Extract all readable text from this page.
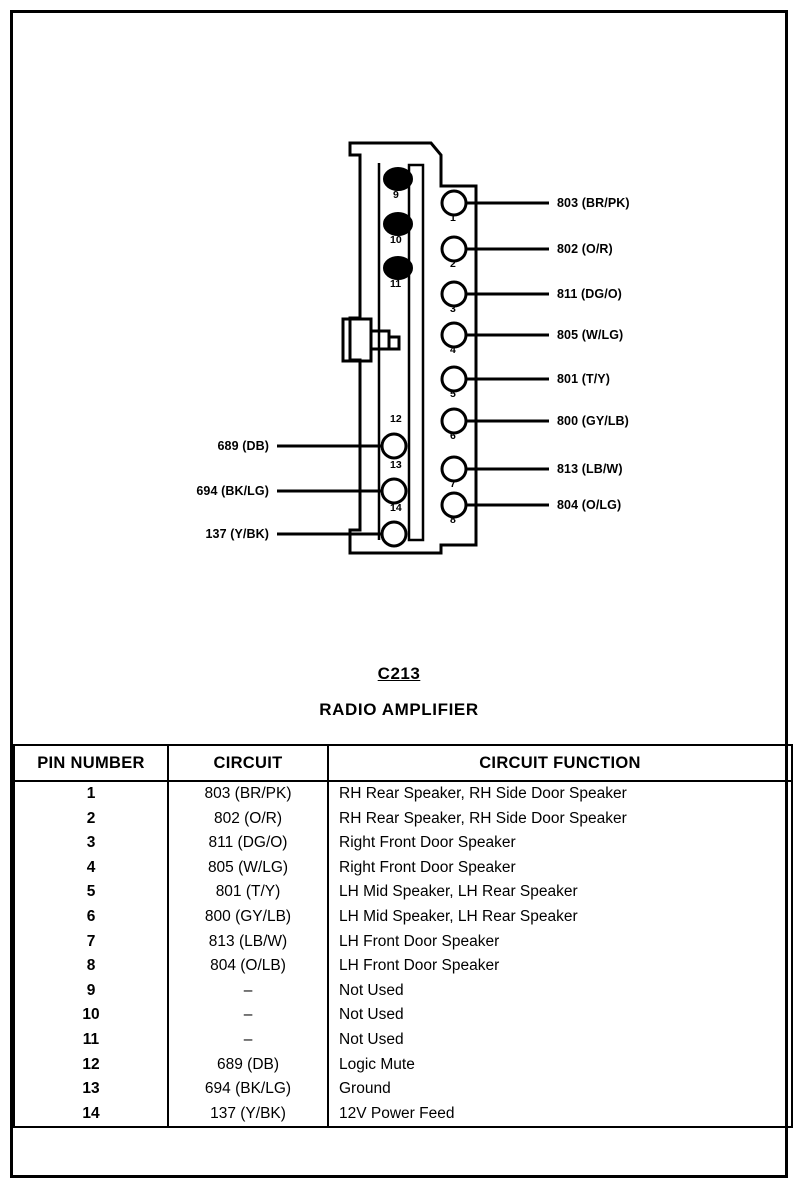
9
10
11
12
13
14
1
2
3
4
5
6
7
8
803 (BR/PK)
802 (O/R)
811 (DG/O)
805 (W/LG)
801 (T/Y)
800 (GY/LB)
813 (LB/W)
804 (O/LG)
689 (DB)
694 (BK/LG)
137 (Y/BK)
C213
RADIO AMPLIFIER
PIN NUMBER	CIRCUIT	CIRCUIT FUNCTION
1	803 (BR/PK)	RH Rear Speaker, RH Side Door Speaker
2	802 (O/R)	RH Rear Speaker, RH Side Door Speaker
3	811 (DG/O)	Right Front Door Speaker
4	805 (W/LG)	Right Front Door Speaker
5	801 (T/Y)	LH Mid Speaker, LH Rear Speaker
6	800 (GY/LB)	LH Mid Speaker, LH Rear Speaker
7	813 (LB/W)	LH Front Door Speaker
8	804 (O/LB)	LH Front Door Speaker
9	–	Not Used
10	–	Not Used
11	–	Not Used
12	689 (DB)	Logic Mute
13	694 (BK/LG)	Ground
14	137 (Y/BK)	12V Power Feed
